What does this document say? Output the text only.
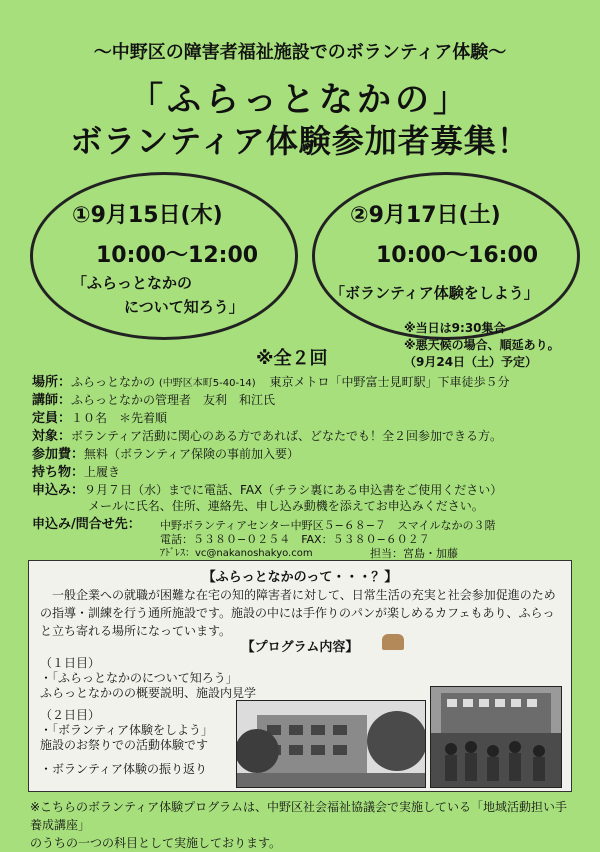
〜中野区の障害者福祉施設でのボランティア体験〜
「ふらっとなかの」
ボランティア体験参加者募集！
①9月15日(木)
10:00〜12:00
「ふらっとなかの
について知ろう」
②9月17日(土)
10:00〜16:00
「ボランティア体験をしよう」
※当日は9:30集合
※悪天候の場合、順延あり。
（9月24日（土）予定）
※全２回
場所：ふらっとなかの (中野区本町5-40-14) 東京メトロ「中野富士見町駅」下車徒歩５分
講師：ふらっとなかの管理者　友利　和江氏
定員：１０名　＊先着順
対象：ボランティア活動に関心のある方であれば、どなたでも！全２回参加できる方。
参加費：無料（ボランティア保険の事前加入要）
持ち物：上履き
申込み：９月７日（水）までに電話、FAX（チラシ裏にある申込書をご使用ください）
メールに氏名、住所、連絡先、申し込み動機を添えてお申込みください。
申込み/問合せ先： 中野ボランティアセンター中野区５−６８−７　スマイルなかの３階
電話：５３８０−０２５４　FAX：５３８０−６０２７
ｱﾄﾞﾚｽ：vc@nakanoshakyo.com	担当：宮島・加藤
【ふらっとなかのって・・・？】
一般企業への就職が困難な在宅の知的障害者に対して、日常生活の充実と社会参加促進のための指導・訓練を行う通所施設です。施設の中には手作りのパンが楽しめるカフェもあり、ふらっと立ち寄れる場所になっています。
【プログラム内容】
（１日目）
・「ふらっとなかのについて知ろう」
ふらっとなかのの概要説明、施設内見学
（２日目）
・「ボランティア体験をしよう」
施設のお祭りでの活動体験です
・ボランティア体験の振り返り
※こちらのボランティア体験プログラムは、中野区社会福祉協議会で実施している「地域活動担い手養成講座」
のうちの一つの科目として実施しております。
